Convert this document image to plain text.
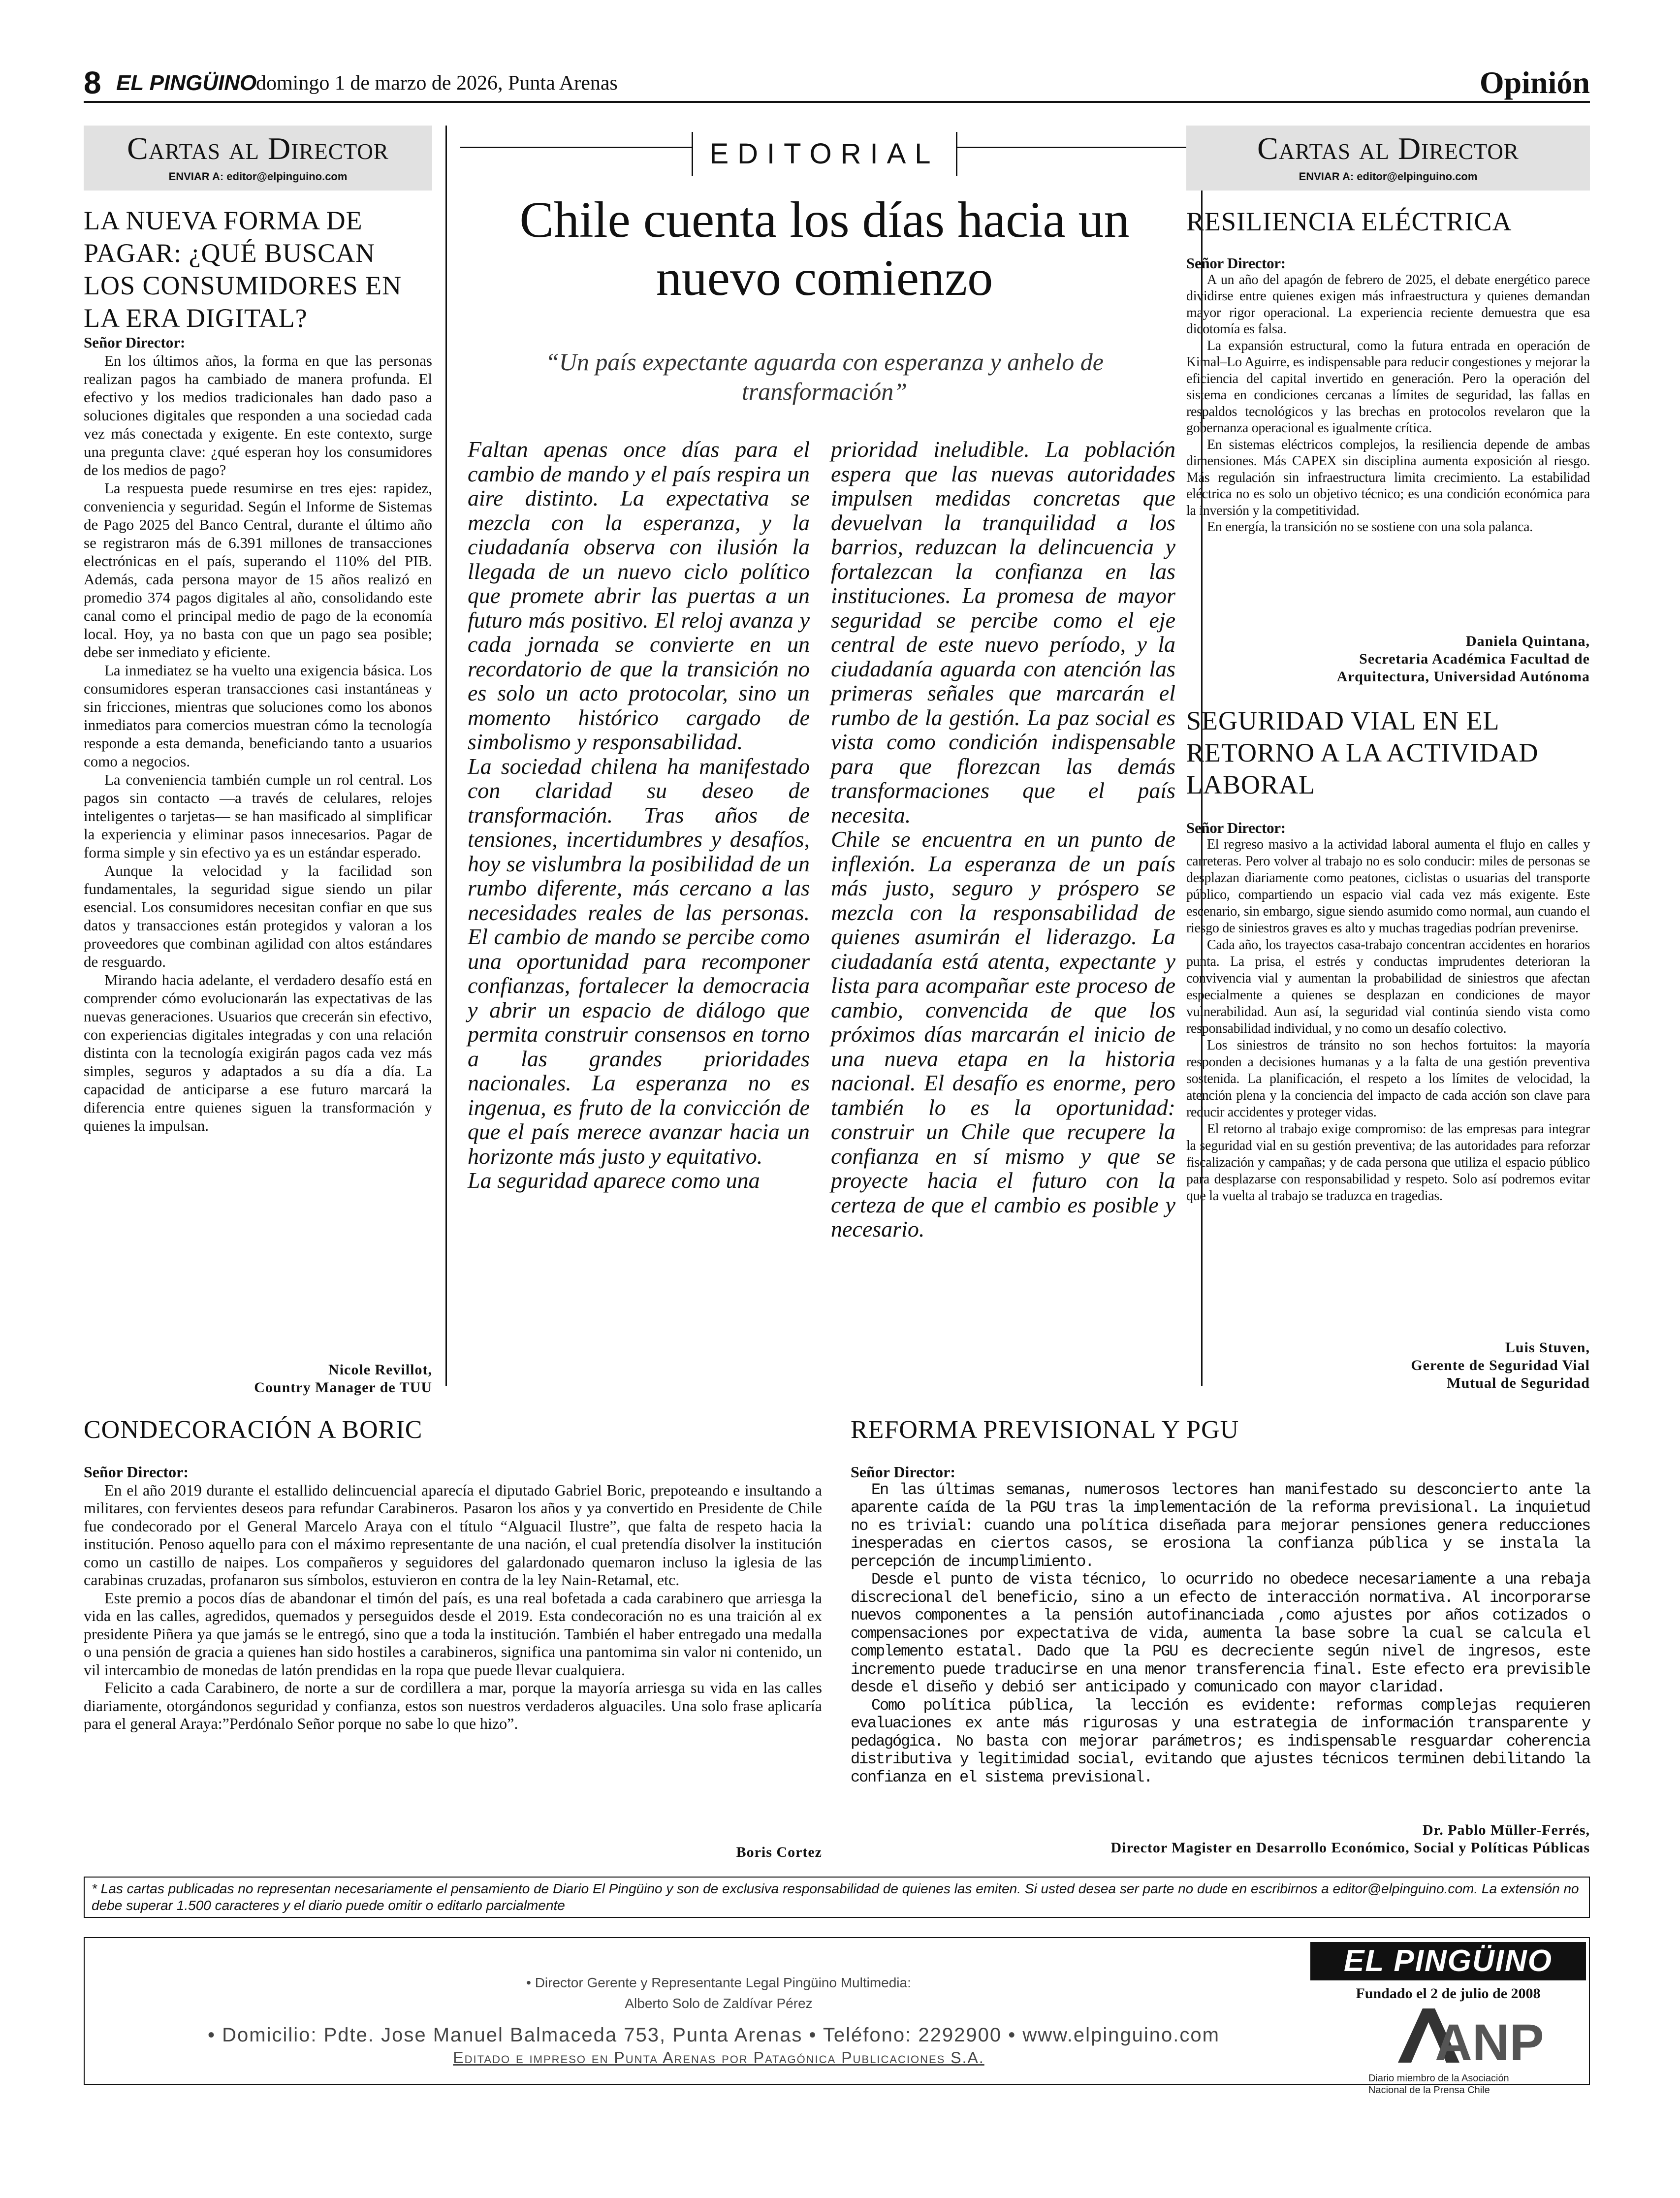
8 EL PINGÜINO
domingo 1 de marzo de 2026, Punta Arenas	Opinión
Cartas al Director
ENVIAR A: editor@elpinguino.com
LA NUEVA FORMA DE PAGAR: ¿QUÉ BUSCAN LOS CONSUMIDORES EN LA ERA DIGITAL?
Señor Director:

En los últimos años, la forma en que las personas realizan pagos ha cambiado de manera profunda. El efectivo y los medios tradicionales han dado paso a soluciones digitales que responden a una sociedad cada vez más conectada y exigente. En este contexto, surge una pregunta clave: ¿qué esperan hoy los consumidores de los medios de pago?

La respuesta puede resumirse en tres ejes: rapidez, conveniencia y seguridad. Según el Informe de Sistemas de Pago 2025 del Banco Central, durante el último año se registraron más de 6.391 millones de transacciones electrónicas en el país, superando el 110% del PIB. Además, cada persona mayor de 15 años realizó en promedio 374 pagos digitales al año, consolidando este canal como el principal medio de pago de la economía local. Hoy, ya no basta con que un pago sea posible; debe ser inmediato y eficiente.

La inmediatez se ha vuelto una exigencia básica. Los consumidores esperan transacciones casi instantáneas y sin fricciones, mientras que soluciones como los abonos inmediatos para comercios muestran cómo la tecnología responde a esta demanda, beneficiando tanto a usuarios como a negocios.

La conveniencia también cumple un rol central. Los pagos sin contacto —a través de celulares, relojes inteligentes o tarjetas— se han masificado al simplificar la experiencia y eliminar pasos innecesarios. Pagar de forma simple y sin efectivo ya es un estándar esperado.

Aunque la velocidad y la facilidad son fundamentales, la seguridad sigue siendo un pilar esencial. Los consumidores necesitan confiar en que sus datos y transacciones están protegidos y valoran a los proveedores que combinan agilidad con altos estándares de resguardo.

Mirando hacia adelante, el verdadero desafío está en comprender cómo evolucionarán las expectativas de las nuevas generaciones. Usuarios que crecerán sin efectivo, con experiencias digitales integradas y con una relación distinta con la tecnología exigirán pagos cada vez más simples, seguros y adaptados a su día a día. La capacidad de anticiparse a ese futuro marcará la diferencia entre quienes siguen la transformación y quienes la impulsan.

Nicole Revillot,
Country Manager de TUU
EDITORIAL
Chile cuenta los días hacia un nuevo comienzo
“Un país expectante aguarda con esperanza y anhelo de transformación”
Faltan apenas once días para el cambio de mando y el país respira un aire distinto. La expectativa se mezcla con la esperanza, y la ciudadanía observa con ilusión la llegada de un nuevo ciclo político que promete abrir las puertas a un futuro más positivo. El reloj avanza y cada jornada se convierte en un recordatorio de que la transición no es solo un acto protocolar, sino un momento histórico cargado de simbolismo y responsabilidad.
La sociedad chilena ha manifestado con claridad su deseo de transformación. Tras años de tensiones, incertidumbres y desafíos, hoy se vislumbra la posibilidad de un rumbo diferente, más cercano a las necesidades reales de las personas. El cambio de mando se percibe como una oportunidad para recomponer confianzas, fortalecer la democracia y abrir un espacio de diálogo que permita construir consensos en torno a las grandes prioridades nacionales. La esperanza no es ingenua, es fruto de la convicción de que el país merece avanzar hacia un horizonte más justo y equitativo.
La seguridad aparece como una
prioridad ineludible. La población espera que las nuevas autoridades impulsen medidas concretas que devuelvan la tranquilidad a los barrios, reduzcan la delincuencia y fortalezcan la confianza en las instituciones. La promesa de mayor seguridad se percibe como el eje central de este nuevo período, y la ciudadanía aguarda con atención las primeras señales que marcarán el rumbo de la gestión. La paz social es vista como condición indispensable para que florezcan las demás transformaciones que el país necesita.
Chile se encuentra en un punto de inflexión. La esperanza de un país más justo, seguro y próspero se mezcla con la responsabilidad de quienes asumirán el liderazgo. La ciudadanía está atenta, expectante y lista para acompañar este proceso de cambio, convencida de que los próximos días marcarán el inicio de una nueva etapa en la historia nacional. El desafío es enorme, pero también lo es la oportunidad: construir un Chile que recupere la confianza en sí mismo y que se proyecte hacia el futuro con la certeza de que el cambio es posible y necesario.
Cartas al Director
ENVIAR A: editor@elpinguino.com
RESILIENCIA ELÉCTRICA
Señor Director:

A un año del apagón de febrero de 2025, el debate energético parece dividirse entre quienes exigen más infraestructura y quienes demandan mayor rigor operacional. La experiencia reciente demuestra que esa dicotomía es falsa.

La expansión estructural, como la futura entrada en operación de Kimal–Lo Aguirre, es indispensable para reducir congestiones y mejorar la eficiencia del capital invertido en generación. Pero la operación del sistema en condiciones cercanas a límites de seguridad, las fallas en respaldos tecnológicos y las brechas en protocolos revelaron que la gobernanza operacional es igualmente crítica.

En sistemas eléctricos complejos, la resiliencia depende de ambas dimensiones. Más CAPEX sin disciplina aumenta exposición al riesgo. Más regulación sin infraestructura limita crecimiento. La estabilidad eléctrica no es solo un objetivo técnico; es una condición económica para la inversión y la competitividad.

En energía, la transición no se sostiene con una sola palanca.

Daniela Quintana,
Secretaria Académica Facultad de
Arquitectura, Universidad Autónoma
SEGURIDAD VIAL EN EL RETORNO A LA ACTIVIDAD LABORAL
Señor Director:

El regreso masivo a la actividad laboral aumenta el flujo en calles y carreteras. Pero volver al trabajo no es solo conducir: miles de personas se desplazan diariamente como peatones, ciclistas o usuarias del transporte público, compartiendo un espacio vial cada vez más exigente. Este escenario, sin embargo, sigue siendo asumido como normal, aun cuando el riesgo de siniestros graves es alto y muchas tragedias podrían prevenirse.

Cada año, los trayectos casa-trabajo concentran accidentes en horarios punta. La prisa, el estrés y conductas imprudentes deterioran la convivencia vial y aumentan la probabilidad de siniestros que afectan especialmente a quienes se desplazan en condiciones de mayor vulnerabilidad. Aun así, la seguridad vial continúa siendo vista como responsabilidad individual, y no como un desafío colectivo.

Los siniestros de tránsito no son hechos fortuitos: la mayoría responden a decisiones humanas y a la falta de una gestión preventiva sostenida. La planificación, el respeto a los límites de velocidad, la atención plena y la conciencia del impacto de cada acción son clave para reducir accidentes y proteger vidas.

El retorno al trabajo exige compromiso: de las empresas para integrar la seguridad vial en su gestión preventiva; de las autoridades para reforzar fiscalización y campañas; y de cada persona que utiliza el espacio público para desplazarse con responsabilidad y respeto. Solo así podremos evitar que la vuelta al trabajo se traduzca en tragedias.

Luis Stuven,
Gerente de Seguridad Vial
Mutual de Seguridad
CONDECORACIÓN A BORIC
Señor Director:

En el año 2019 durante el estallido delincuencial aparecía el diputado Gabriel Boric, prepoteando e insultando a militares, con fervientes deseos para refundar Carabineros. Pasaron los años y ya convertido en Presidente de Chile fue condecorado por el General Marcelo Araya con el título “Alguacil Ilustre”, que falta de respeto hacia la institución. Penoso aquello para con el máximo representante de una nación, el cual pretendía disolver la institución como un castillo de naipes. Los compañeros y seguidores del galardonado quemaron incluso la iglesia de las carabinas cruzadas, profanaron sus símbolos, estuvieron en contra de la ley Nain-Retamal, etc.

Este premio a pocos días de abandonar el timón del país, es una real bofetada a cada carabinero que arriesga la vida en las calles, agredidos, quemados y perseguidos desde el 2019. Esta condecoración no es una traición al ex presidente Piñera ya que jamás se le entregó, sino que a toda la institución. También el haber entregado una medalla o una pensión de gracia a quienes han sido hostiles a carabineros, significa una pantomima sin valor ni contenido, un vil intercambio de monedas de latón prendidas en la ropa que puede llevar cualquiera.

Felicito a cada Carabinero, de norte a sur de cordillera a mar, porque la mayoría arriesga su vida en las calles diariamente, otorgándonos seguridad y confianza, estos son nuestros verdaderos alguaciles. Una solo frase aplicaría para el general Araya:”Perdónalo Señor porque no sabe lo que hizo”.

Boris Cortez
REFORMA PREVISIONAL Y PGU
Señor Director:

En las últimas semanas, numerosos lectores han manifestado su desconcierto ante la aparente caída de la PGU tras la implementación de la reforma previsional. La inquietud no es trivial: cuando una política diseñada para mejorar pensiones genera reducciones inesperadas en ciertos casos, se erosiona la confianza pública y se instala la percepción de incumplimiento.

Desde el punto de vista técnico, lo ocurrido no obedece necesariamente a una rebaja discrecional del beneficio, sino a un efecto de interacción normativa. Al incorporarse nuevos componentes a la pensión autofinanciada ,como ajustes por años cotizados o compensaciones por expectativa de vida, aumenta la base sobre la cual se calcula el complemento estatal. Dado que la PGU es decreciente según nivel de ingresos, este incremento puede traducirse en una menor transferencia final. Este efecto era previsible desde el diseño y debió ser anticipado y comunicado con mayor claridad.

Como política pública, la lección es evidente: reformas complejas requieren evaluaciones ex ante más rigurosas y una estrategia de información transparente y pedagógica. No basta con mejorar parámetros; es indispensable resguardar coherencia distributiva y legitimidad social, evitando que ajustes técnicos terminen debilitando la confianza en el sistema previsional.

Dr. Pablo Müller-Ferrés,
Director Magister en Desarrollo Económico, Social y Políticas Públicas
* Las cartas publicadas no representan necesariamente el pensamiento de Diario El Pingüino y son de exclusiva responsabilidad de quienes las emiten. Si usted desea ser parte no dude en escribirnos a editor@elpinguino.com. La extensión no debe superar 1.500 caracteres y el diario puede omitir o editarlo parcialmente
• Director Gerente y Representante Legal Pingüino Multimedia:
Alberto Solo de Zaldívar Pérez
• Domicilio: Pdte. Jose Manuel Balmaceda 753, Punta Arenas • Teléfono: 2292900 • www.elpinguino.com
Editado e impreso en Punta Arenas por Patagónica Publicaciones S.A.
EL PINGÜINO
Fundado el 2 de julio de 2008
ANP
Diario miembro de la Asociación
Nacional de la Prensa Chile
